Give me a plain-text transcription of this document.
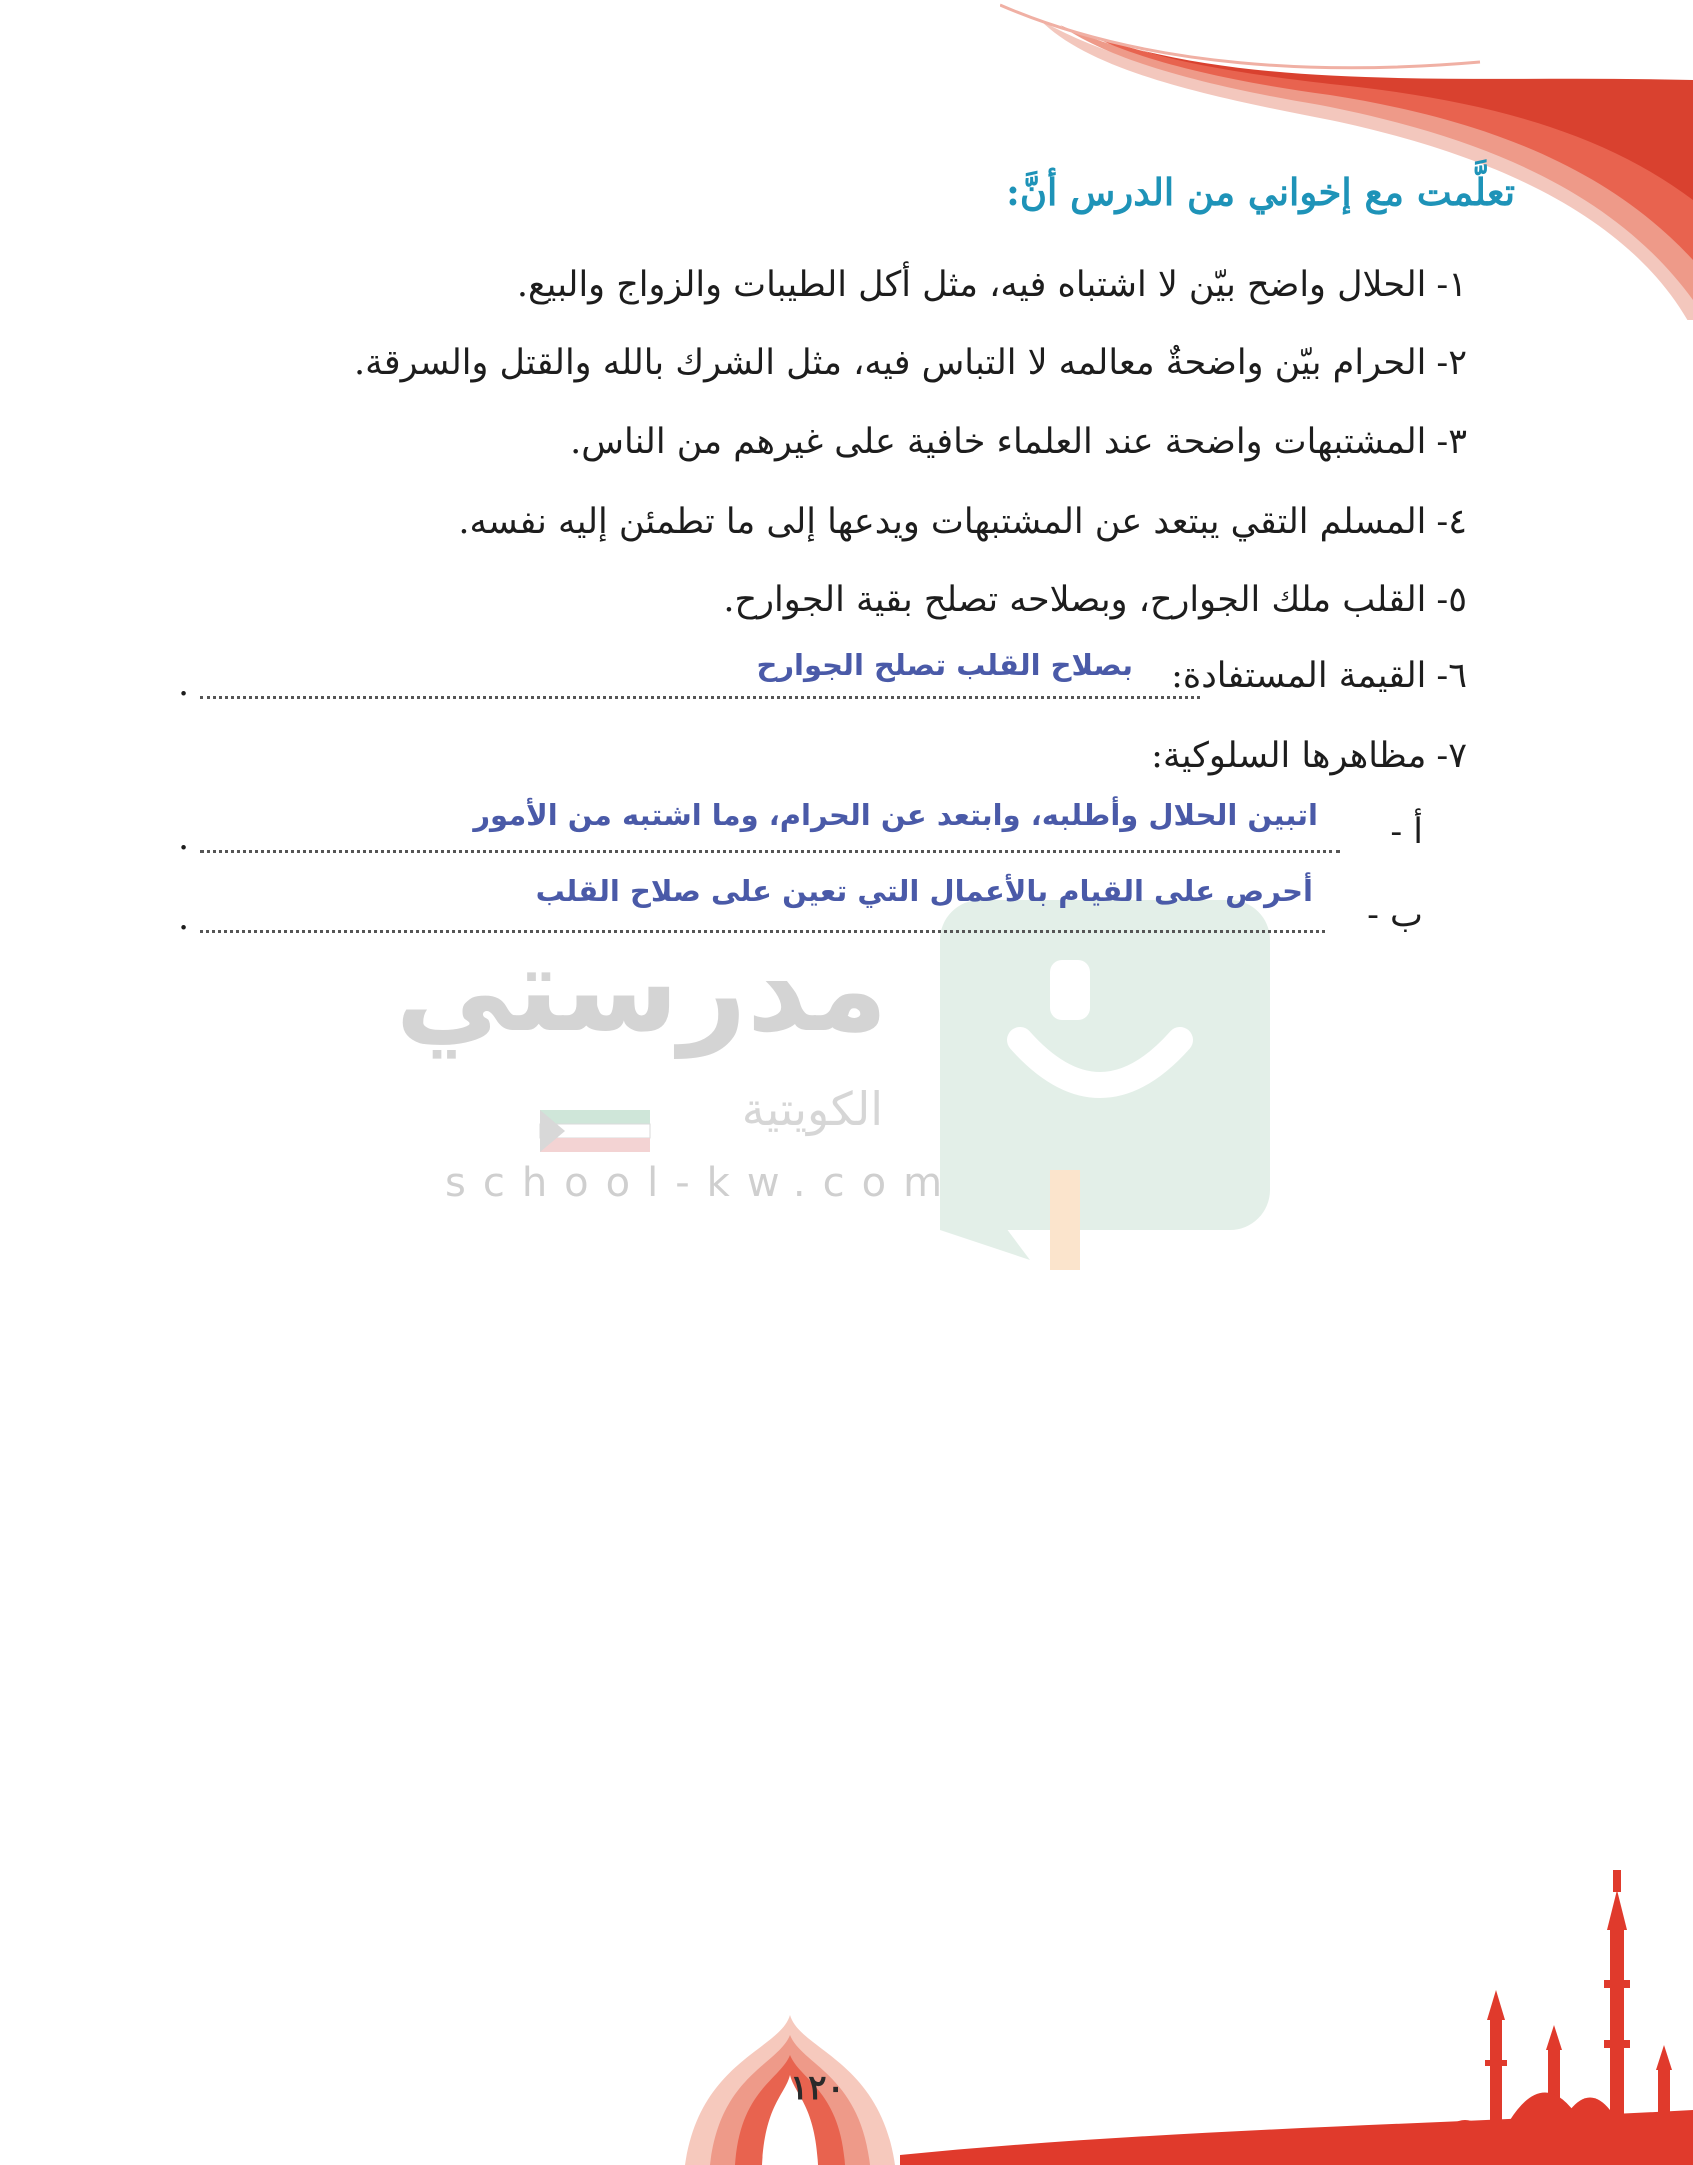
مدرستي
الكويتية
school-kw.com
تعلَّمت مع إخواني من الدرس أنَّ:
١-الحلال واضح بيّن لا اشتباه فيه، مثل أكل الطيبات والزواج والبيع.
٢-الحرام بيّن واضحةٌ معالمه لا التباس فيه، مثل الشرك بالله والقتل والسرقة.
٣-المشتبهات واضحة عند العلماء خافية على غيرهم من الناس.
٤-المسلم التقي يبتعد عن المشتبهات ويدعها إلى ما تطمئن إليه نفسه.
٥-القلب ملك الجوارح، وبصلاحه تصلح بقية الجوارح.
٦-القيمة المستفادة:
.	بصلاح القلب تصلح الجوارح
٧-مظاهرها السلوكية:
أ -
.
اتبين الحلال وأطلبه، وابتعد عن الحرام، وما اشتبه من الأمور
ب -
.
أحرص على القيام بالأعمال التي تعين على صلاح القلب
١٢٠
